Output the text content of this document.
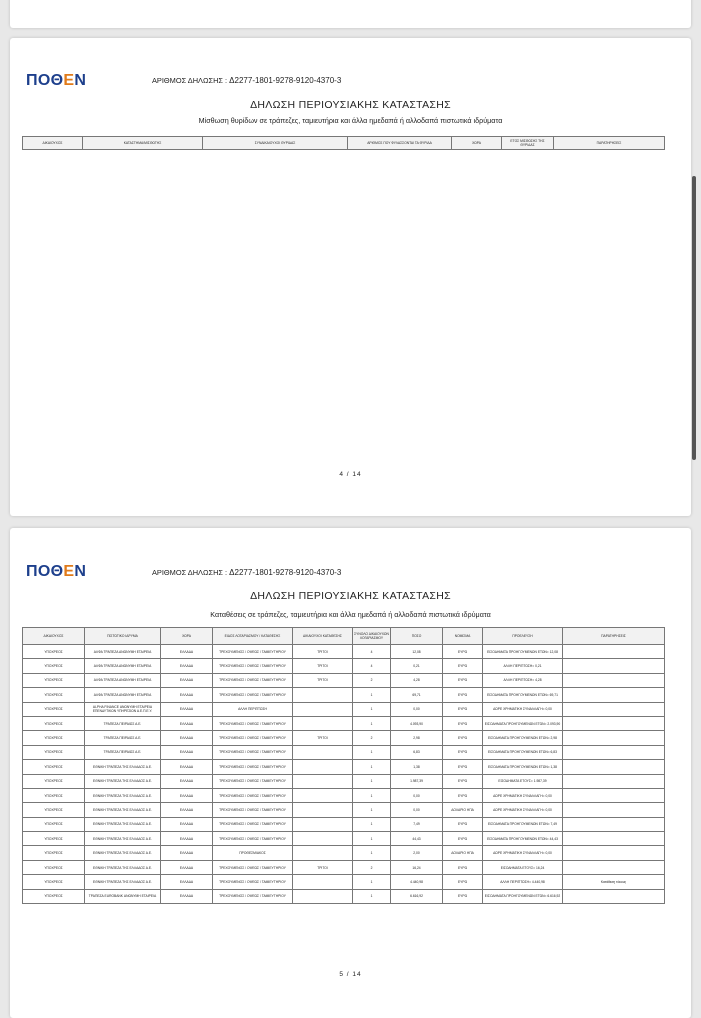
ΠΟΘΕΝ	ΑΡΙΘΜΟΣ ΔΗΛΩΣΗΣ : Δ2277-1801-9278-9120-4370-3
ΔΗΛΩΣΗ ΠΕΡΙΟΥΣΙΑΚΗΣ ΚΑΤΑΣΤΑΣΗΣ
Μίσθωση θυρίδων σε τράπεζες, ταμιευτήρια και άλλα ημεδαπά ή αλλοδαπά πιστωτικά ιδρύματα
ΔΙΚΑΙΟΥΧΟΣ	ΚΑΤΑΣΤΗΜΑ/ΜΙΣΘΩΤΗΣ	ΣΥΝΔΙΚΑΙΟΥΧΟΙ ΘΥΡΙΔΑΣ	ΑΡΙΘΜΟΣ ΠΟΥ ΦΥΛΑΣΣΟΝΤΑΙ ΤΑ ΘΥΡΙΔΑ	ΧΩΡΑ	ΕΤΟΣ ΜΙΣΘΩΣΗΣ ΤΗΣ ΘΥΡΙΔΑΣ	ΠΑΡΑΤΗΡΗΣΕΙΣ
4 / 14
ΠΟΘΕΝ	ΑΡΙΘΜΟΣ ΔΗΛΩΣΗΣ : Δ2277-1801-9278-9120-4370-3
ΔΗΛΩΣΗ ΠΕΡΙΟΥΣΙΑΚΗΣ ΚΑΤΑΣΤΑΣΗΣ
Καταθέσεις σε τράπεζες, ταμιευτήρια και άλλα ημεδαπά ή αλλοδαπά πιστωτικά ιδρύματα
ΔΙΚΑΙΟΥΧΟΣ	ΠΙΣΤΩΤΙΚΟ ΙΔΡΥΜΑ	ΧΩΡΑ	ΕΙΔΟΣ ΛΟΓΑΡΙΑΣΜΟΥ / ΚΑΤΑΘΕΣΗΣ	ΔΙΚΑΙΟΥΧΟΙ ΚΑΤΑΘΕΣΗΣ	ΣΥΝΟΛΟ ΔΙΚΑΙΟΥΧΩΝ ΛΟΓΑΡΙΑΣΜΟΥ	ΠΟΣΟ	ΝΟΜΙΣΜΑ	ΠΡΟΕΛΕΥΣΗ	ΠΑΡΑΤΗΡΗΣΕΙΣ
ΥΠΟΧΡΕΟΣ	ΑΛΦΑ ΤΡΑΠΕΖΑ ΑΝΩΝΥΜΗ ΕΤΑΙΡΕΙΑ	ΕΛΛΑΔΑ	ΤΡΕΧΟΥΜΕΝΟΣ / ΟΨΕΩΣ / ΤΑΜΙΕΥΤΗΡΙΟΥ	ΤΡΙΤΟΙ	4	12,08	ΕΥΡΩ	ΕΙΣΟΔΗΜΑΤΑ ΠΡΟΗΓΟΥΜΕΝΩΝ ΕΤΩΝ= 12,08	
ΥΠΟΧΡΕΟΣ	ΑΛΦΑ ΤΡΑΠΕΖΑ ΑΝΩΝΥΜΗ ΕΤΑΙΡΕΙΑ	ΕΛΛΑΔΑ	ΤΡΕΧΟΥΜΕΝΟΣ / ΟΨΕΩΣ / ΤΑΜΙΕΥΤΗΡΙΟΥ	ΤΡΙΤΟΙ	4	0,21	ΕΥΡΩ	ΑΛΛΗ ΠΕΡΙΠΤΩΣΗ= 0,21	
ΥΠΟΧΡΕΟΣ	ΑΛΦΑ ΤΡΑΠΕΖΑ ΑΝΩΝΥΜΗ ΕΤΑΙΡΕΙΑ	ΕΛΛΑΔΑ	ΤΡΕΧΟΥΜΕΝΟΣ / ΟΨΕΩΣ / ΤΑΜΙΕΥΤΗΡΙΟΥ	ΤΡΙΤΟΙ	2	4,28	ΕΥΡΩ	ΑΛΛΗ ΠΕΡΙΠΤΩΣΗ= 4,28	
ΥΠΟΧΡΕΟΣ	ΑΛΦΑ ΤΡΑΠΕΖΑ ΑΝΩΝΥΜΗ ΕΤΑΙΡΕΙΑ	ΕΛΛΑΔΑ	ΤΡΕΧΟΥΜΕΝΟΣ / ΟΨΕΩΣ / ΤΑΜΙΕΥΤΗΡΙΟΥ		1	69,71	ΕΥΡΩ	ΕΙΣΟΔΗΜΑΤΑ ΠΡΟΗΓΟΥΜΕΝΩΝ ΕΤΩΝ= 69,71	
ΥΠΟΧΡΕΟΣ	ALPHA FINANCE ΑΝΩΝΥΜΗ ΕΤΑΙΡΕΙΑ ΕΠΕΝΔΥΤΙΚΩΝ ΥΠΗΡΕΣΙΩΝ Α.Ε.Π.Ε.Υ.	ΕΛΛΑΔΑ	ΑΛΛΗ ΠΕΡΙΠΤΩΣΗ		1	0,00	ΕΥΡΩ	ΔΩΡΕ ΧΡΗΜΑΤΙΚΗ ΣΥΝΑΛΛΑΓΗ= 0,00	
ΥΠΟΧΡΕΟΣ	ΤΡΑΠΕΖΑ ΠΕΙΡΑΙΩΣ Α.Ε.	ΕΛΛΑΔΑ	ΤΡΕΧΟΥΜΕΝΟΣ / ΟΨΕΩΣ / ΤΑΜΙΕΥΤΗΡΙΟΥ		1	4.093,90	ΕΥΡΩ	ΕΙΣΟΔΗΜΑΤΑ ΠΡΟΗΓΟΥΜΕΝΩΝ ΕΤΩΝ= 2.093,90	
ΥΠΟΧΡΕΟΣ	ΤΡΑΠΕΖΑ ΠΕΙΡΑΙΩΣ Α.Ε.	ΕΛΛΑΔΑ	ΤΡΕΧΟΥΜΕΝΟΣ / ΟΨΕΩΣ / ΤΑΜΙΕΥΤΗΡΙΟΥ	ΤΡΙΤΟΙ	2	2,98	ΕΥΡΩ	ΕΙΣΟΔΗΜΑΤΑ ΠΡΟΗΓΟΥΜΕΝΩΝ ΕΤΩΝ= 2,98	
ΥΠΟΧΡΕΟΣ	ΤΡΑΠΕΖΑ ΠΕΙΡΑΙΩΣ Α.Ε.	ΕΛΛΑΔΑ	ΤΡΕΧΟΥΜΕΝΟΣ / ΟΨΕΩΣ / ΤΑΜΙΕΥΤΗΡΙΟΥ		1	6,83	ΕΥΡΩ	ΕΙΣΟΔΗΜΑΤΑ ΠΡΟΗΓΟΥΜΕΝΩΝ ΕΤΩΝ= 6,83	
ΥΠΟΧΡΕΟΣ	ΕΘΝΙΚΗ ΤΡΑΠΕΖΑ ΤΗΣ ΕΛΛΑΔΟΣ Α.Ε.	ΕΛΛΑΔΑ	ΤΡΕΧΟΥΜΕΝΟΣ / ΟΨΕΩΣ / ΤΑΜΙΕΥΤΗΡΙΟΥ		1	1,38	ΕΥΡΩ	ΕΙΣΟΔΗΜΑΤΑ ΠΡΟΗΓΟΥΜΕΝΩΝ ΕΤΩΝ= 1,38	
ΥΠΟΧΡΕΟΣ	ΕΘΝΙΚΗ ΤΡΑΠΕΖΑ ΤΗΣ ΕΛΛΑΔΟΣ Α.Ε.	ΕΛΛΑΔΑ	ΤΡΕΧΟΥΜΕΝΟΣ / ΟΨΕΩΣ / ΤΑΜΙΕΥΤΗΡΙΟΥ		1	1.987,39	ΕΥΡΩ	ΕΙΣΟΔΗΜΑΤΑ ΕΤΟΥΣ= 1.987,39	
ΥΠΟΧΡΕΟΣ	ΕΘΝΙΚΗ ΤΡΑΠΕΖΑ ΤΗΣ ΕΛΛΑΔΟΣ Α.Ε.	ΕΛΛΑΔΑ	ΤΡΕΧΟΥΜΕΝΟΣ / ΟΨΕΩΣ / ΤΑΜΙΕΥΤΗΡΙΟΥ		1	0,00	ΕΥΡΩ	ΔΩΡΕ ΧΡΗΜΑΤΙΚΗ ΣΥΝΑΛΛΑΓΗ= 0,00	
ΥΠΟΧΡΕΟΣ	ΕΘΝΙΚΗ ΤΡΑΠΕΖΑ ΤΗΣ ΕΛΛΑΔΟΣ Α.Ε.	ΕΛΛΑΔΑ	ΤΡΕΧΟΥΜΕΝΟΣ / ΟΨΕΩΣ / ΤΑΜΙΕΥΤΗΡΙΟΥ		1	0,00	ΔΟΛΑΡΙΟ ΗΠΑ	ΔΩΡΕ ΧΡΗΜΑΤΙΚΗ ΣΥΝΑΛΛΑΓΗ= 0,00	
ΥΠΟΧΡΕΟΣ	ΕΘΝΙΚΗ ΤΡΑΠΕΖΑ ΤΗΣ ΕΛΛΑΔΟΣ Α.Ε.	ΕΛΛΑΔΑ	ΤΡΕΧΟΥΜΕΝΟΣ / ΟΨΕΩΣ / ΤΑΜΙΕΥΤΗΡΙΟΥ		1	7,49	ΕΥΡΩ	ΕΙΣΟΔΗΜΑΤΑ ΠΡΟΗΓΟΥΜΕΝΩΝ ΕΤΩΝ= 7,49	
ΥΠΟΧΡΕΟΣ	ΕΘΝΙΚΗ ΤΡΑΠΕΖΑ ΤΗΣ ΕΛΛΑΔΟΣ Α.Ε.	ΕΛΛΑΔΑ	ΤΡΕΧΟΥΜΕΝΟΣ / ΟΨΕΩΣ / ΤΑΜΙΕΥΤΗΡΙΟΥ		1	44,43	ΕΥΡΩ	ΕΙΣΟΔΗΜΑΤΑ ΠΡΟΗΓΟΥΜΕΝΩΝ ΕΤΩΝ= 44,43	
ΥΠΟΧΡΕΟΣ	ΕΘΝΙΚΗ ΤΡΑΠΕΖΑ ΤΗΣ ΕΛΛΑΔΟΣ Α.Ε.	ΕΛΛΑΔΑ	ΠΡΟΘΕΣΜΙΑΚΟΣ		1	2,00	ΔΟΛΑΡΙΟ ΗΠΑ	ΔΩΡΕ ΧΡΗΜΑΤΙΚΗ ΣΥΝΑΛΛΑΓΗ= 0,00	
ΥΠΟΧΡΕΟΣ	ΕΘΝΙΚΗ ΤΡΑΠΕΖΑ ΤΗΣ ΕΛΛΑΔΟΣ Α.Ε.	ΕΛΛΑΔΑ	ΤΡΕΧΟΥΜΕΝΟΣ / ΟΨΕΩΣ / ΤΑΜΙΕΥΤΗΡΙΟΥ	ΤΡΙΤΟΙ	2	16,24	ΕΥΡΩ	ΕΙΣΟΔΗΜΑΤΑ ΕΤΟΥΣ= 16,24	
ΥΠΟΧΡΕΟΣ	ΕΘΝΙΚΗ ΤΡΑΠΕΖΑ ΤΗΣ ΕΛΛΑΔΟΣ Α.Ε.	ΕΛΛΑΔΑ	ΤΡΕΧΟΥΜΕΝΟΣ / ΟΨΕΩΣ / ΤΑΜΙΕΥΤΗΡΙΟΥ		1	4.440,98	ΕΥΡΩ	ΑΛΛΗ ΠΕΡΙΠΤΩΣΗ= 4.440,98	Κατάθεση τόκους
ΥΠΟΧΡΕΟΣ	ΤΡΑΠΕΖΑ EUROBANK ΑΝΩΝΥΜΗ ΕΤΑΙΡΕΙΑ	ΕΛΛΑΔΑ	ΤΡΕΧΟΥΜΕΝΟΣ / ΟΨΕΩΣ / ΤΑΜΙΕΥΤΗΡΙΟΥ		1	6.616,92	ΕΥΡΩ	ΕΙΣΟΔΗΜΑΤΑ ΠΡΟΗΓΟΥΜΕΝΩΝ ΕΤΩΝ= 6.616,92	
5 / 14
